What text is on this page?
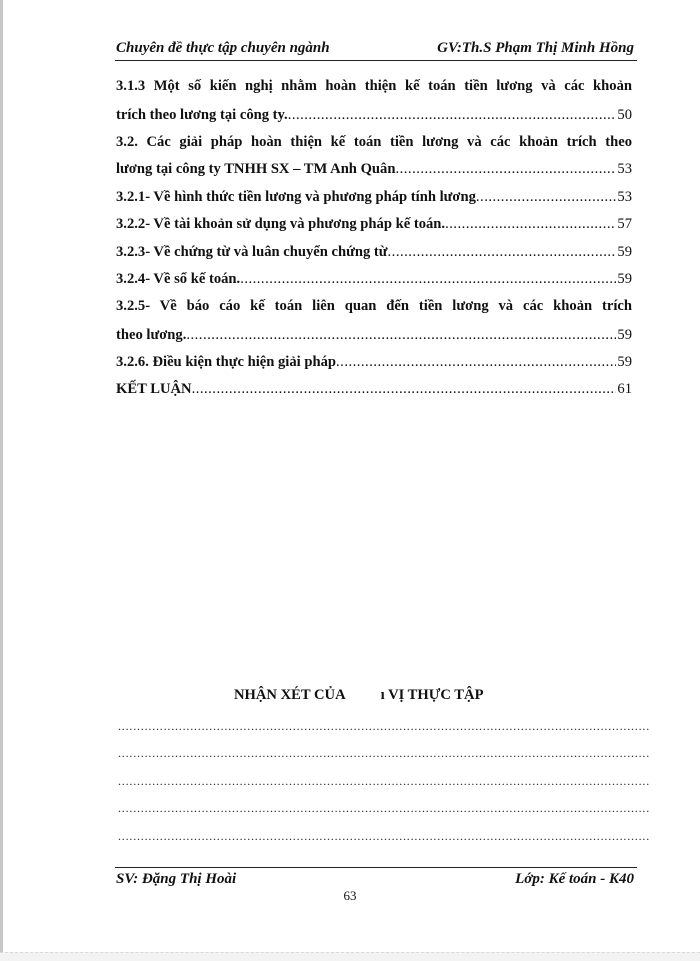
Chuyên đề thực tập chuyên ngành	GV:Th.S Phạm Thị Minh Hồng
3.1.3 Một số kiến nghị nhằm hoàn thiện kế toán tiền lương và các khoản
trích theo lương tại công ty. .....	50
3.2. Các giải pháp hoàn thiện kế toán tiền lương và các khoản trích theo
lương tại công ty TNHH SX – TM Anh Quân .....	53
3.2.1- Về hình thức tiền lương và phương pháp tính lương .....	53
3.2.2- Về tài khoản sử dụng và phương pháp kế toán. .....	57
3.2.3- Về chứng từ và luân chuyển chứng từ .....	59
3.2.4- Về sổ kế toán. .....	59
3.2.5- Về báo cáo kế toán liên quan đến tiền lương và các khoản trích
theo lương. .....	59
3.2.6. Điều kiện thực hiện giải pháp .....	59
KẾT LUẬN .....	61
NHẬN XÉT CỦA ı VỊ THỰC TẬP
.....
.....
.....
.....
.....
SV: Đặng Thị Hoài	Lớp: Kế toán - K40
63
